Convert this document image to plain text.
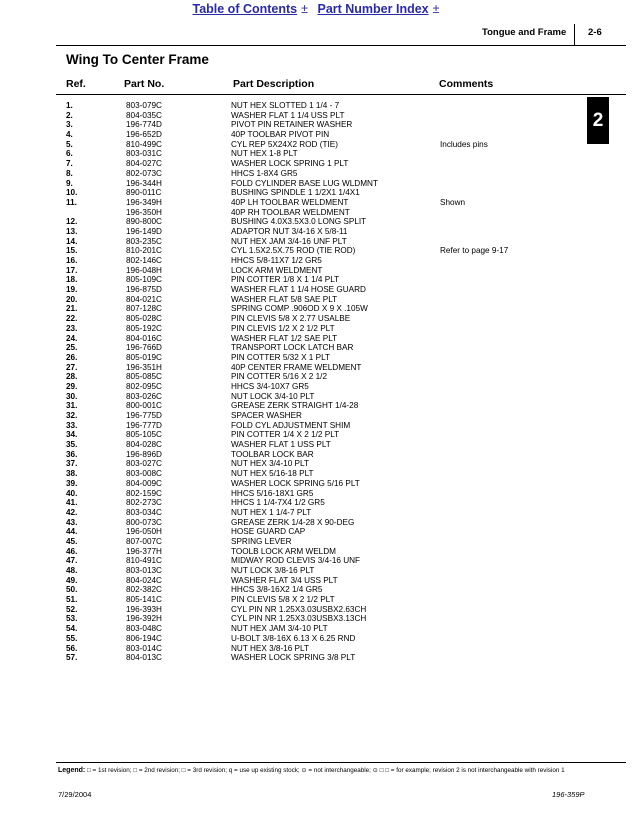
Table of Contents ± Part Number Index ±
Tongue and Frame 2-6
Wing To Center Frame
Ref.	Part No.	Part Description	Comments
2
1.	803-079C	NUT HEX SLOTTED 1 1/4 - 7
2.	804-035C	WASHER FLAT 1 1/4 USS PLT
3.	196-774D	PIVOT PIN RETAINER WASHER
4.	196-652D	40P TOOLBAR PIVOT PIN
5.	810-499C	CYL REP 5X24X2 ROD (TIE)	Includes pins
6.	803-031C	NUT HEX 1-8 PLT
7.	804-027C	WASHER LOCK SPRING 1 PLT
8.	802-073C	HHCS 1-8X4 GR5
9.	196-344H	FOLD CYLINDER BASE LUG WLDMNT
10.	890-011C	BUSHING SPINDLE 1 1/2X1 1/4X1
11.	196-349H	40P LH TOOLBAR WELDMENT	Shown
196-350H	40P RH TOOLBAR WELDMENT
12.	890-800C	BUSHING 4.0X3.5X3.0 LONG SPLIT
13.	196-149D	ADAPTOR NUT 3/4-16 X 5/8-11
14.	803-235C	NUT HEX JAM 3/4-16 UNF PLT
15.	810-201C	CYL 1.5X2.5X.75 ROD (TIE ROD)	Refer to page 9-17
16.	802-146C	HHCS 5/8-11X7 1/2 GR5
17.	196-048H	LOCK ARM WELDMENT
18.	805-109C	PIN COTTER 1/8 X 1 1/4 PLT
19.	196-875D	WASHER FLAT 1 1/4 HOSE GUARD
20.	804-021C	WASHER FLAT 5/8 SAE PLT
21.	807-128C	SPRING COMP .906OD X 9 X .105W
22.	805-028C	PIN CLEVIS 5/8 X 2.77 USALBE
23.	805-192C	PIN CLEVIS 1/2 X 2 1/2 PLT
24.	804-016C	WASHER FLAT 1/2 SAE PLT
25.	196-766D	TRANSPORT LOCK LATCH BAR
26.	805-019C	PIN COTTER 5/32 X 1 PLT
27.	196-351H	40P CENTER FRAME WELDMENT
28.	805-085C	PIN COTTER 5/16 X 2 1/2
29.	802-095C	HHCS 3/4-10X7 GR5
30.	803-026C	NUT LOCK 3/4-10 PLT
31.	800-001C	GREASE ZERK STRAIGHT 1/4-28
32.	196-775D	SPACER WASHER
33.	196-777D	FOLD CYL ADJUSTMENT SHIM
34.	805-105C	PIN COTTER 1/4 X 2 1/2 PLT
35.	804-028C	WASHER FLAT 1 USS PLT
36.	196-896D	TOOLBAR LOCK BAR
37.	803-027C	NUT HEX 3/4-10 PLT
38.	803-008C	NUT HEX 5/16-18 PLT
39.	804-009C	WASHER LOCK SPRING 5/16 PLT
40.	802-159C	HHCS 5/16-18X1 GR5
41.	802-273C	HHCS 1 1/4-7X4 1/2 GR5
42.	803-034C	NUT HEX 1 1/4-7 PLT
43.	800-073C	GREASE ZERK 1/4-28 X 90-DEG
44.	196-050H	HOSE GUARD CAP
45.	807-007C	SPRING LEVER
46.	196-377H	TOOLB LOCK ARM WELDM
47.	810-491C	MIDWAY ROD CLEVIS 3/4-16 UNF
48.	803-013C	NUT LOCK 3/8-16 PLT
49.	804-024C	WASHER FLAT 3/4 USS PLT
50.	802-382C	HHCS 3/8-16X2 1/4 GR5
51.	805-141C	PIN CLEVIS 5/8 X 2 1/2 PLT
52.	196-393H	CYL PIN NR 1.25X3.03USBX2.63CH
53.	196-392H	CYL PIN NR 1.25X3.03USBX3.13CH
54.	803-048C	NUT HEX JAM 3/4-10 PLT
55.	806-194C	U-BOLT 3/8-16X 6.13 X 6.25 RND
56.	803-014C	NUT HEX 3/8-16 PLT
57.	804-013C	WASHER LOCK SPRING 3/8 PLT
Legend: □ = 1st revision; □ = 2nd revision; □ = 3rd revision; q = use up existing stock; ⊙ = not interchangeable; ⊙ □ □ = for example; revision 2 is not interchangeable with revision 1
7/29/2004	196-359P
